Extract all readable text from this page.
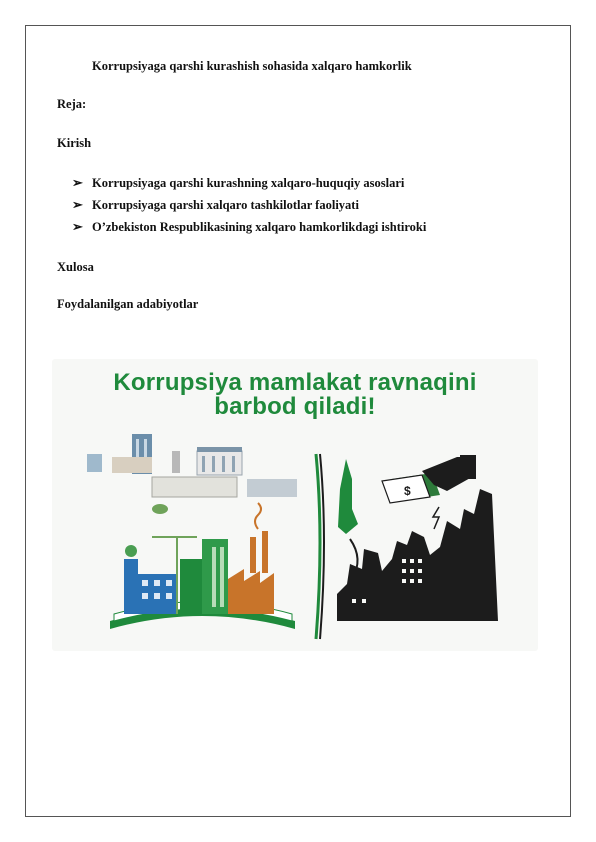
Korrupsiyaga qarshi kurashish sohasida xalqaro hamkorlik
Reja:
Kirish
➢ Korrupsiyaga qarshi kurashning xalqaro-huquqiy asoslari
➢ Korrupsiyaga qarshi xalqaro tashkilotlar faoliyati
➢ O’zbekiston Respublikasining xalqaro hamkorlikdagi ishtiroki
Xulosa
Foydalanilgan adabiyotlar
$
Korrupsiya mamlakat ravnaqini
barbod qiladi!
